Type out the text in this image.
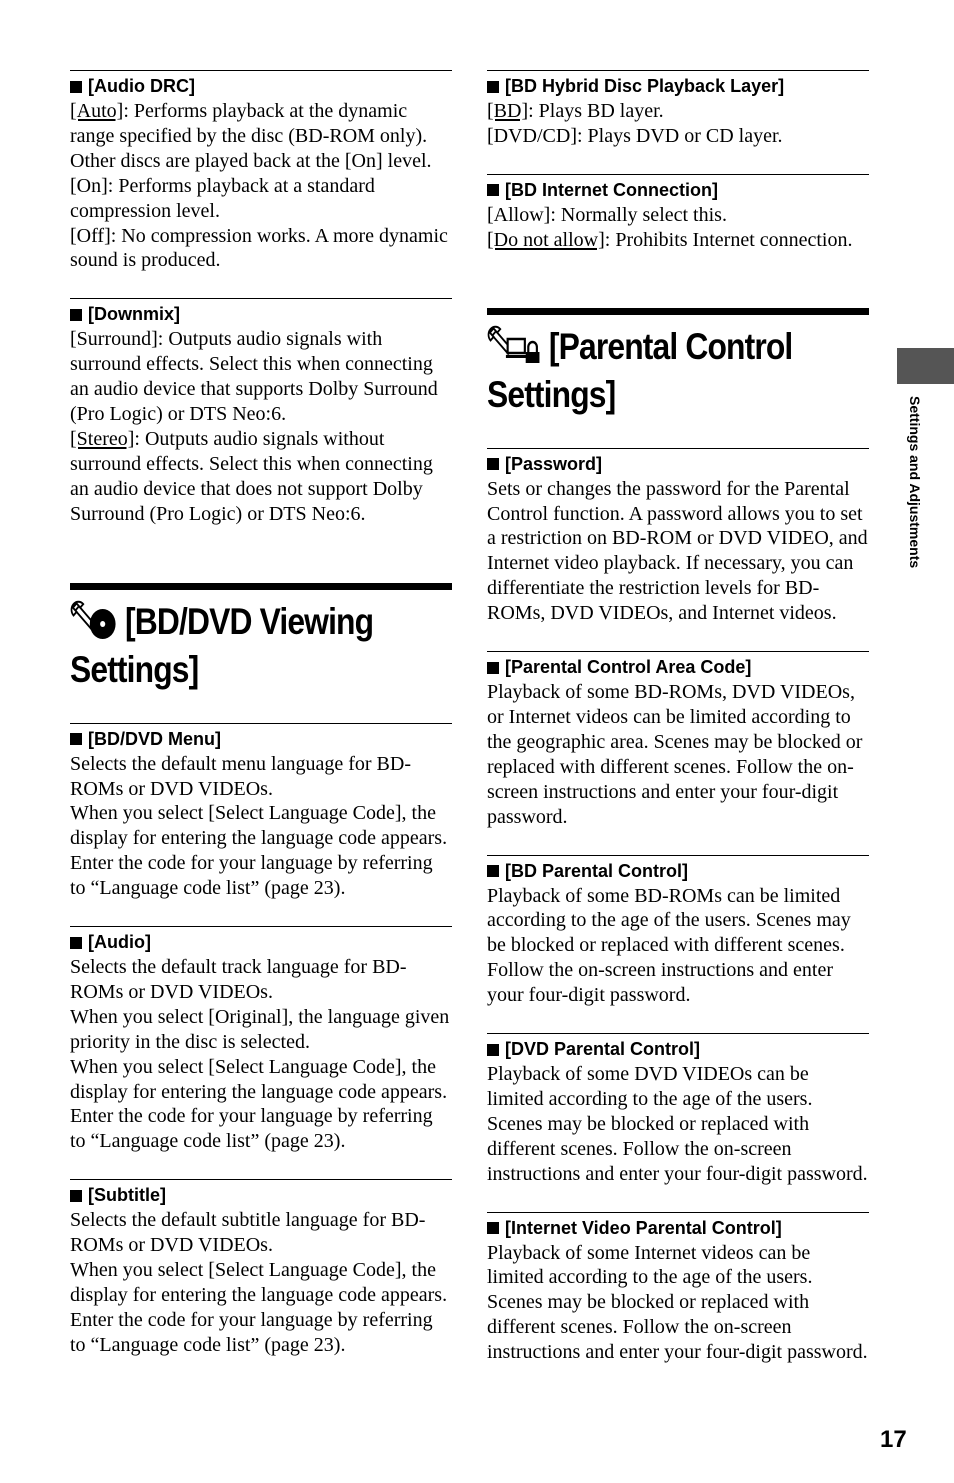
[Audio DRC]

[Auto]: Performs playback at the dynamic range specified by the disc (BD-ROM only). Other discs are played back at the [On] level.

[On]: Performs playback at a standard compression level.

[Off]: No compression works. A more dynamic sound is produced.

[Downmix]

[Surround]: Outputs audio signals with surround effects. Select this when connecting an audio device that supports Dolby Surround (Pro Logic) or DTS Neo:6.

[Stereo]: Outputs audio signals without surround effects. Select this when connecting an audio device that does not support Dolby Surround (Pro Logic) or DTS Neo:6.

[BD/DVD Viewing
Settings]
[BD/DVD Menu]

Selects the default menu language for BD-ROMs or DVD VIDEOs.

When you select [Select Language Code], the display for entering the language code appears. Enter the code for your language by referring to “Language code list” (page 23).

[Audio]

Selects the default track language for BD-ROMs or DVD VIDEOs.

When you select [Original], the language given priority in the disc is selected.

When you select [Select Language Code], the display for entering the language code appears. Enter the code for your language by referring to “Language code list” (page 23).

[Subtitle]

Selects the default subtitle language for BD-ROMs or DVD VIDEOs.

When you select [Select Language Code], the display for entering the language code appears. Enter the code for your language by referring to “Language code list” (page 23).

[BD Hybrid Disc Playback Layer]

[BD]: Plays BD layer.

[DVD/CD]: Plays DVD or CD layer.

[BD Internet Connection]

[Allow]: Normally select this.

[Do not allow]: Prohibits Internet connection.

[Parental Control
Settings]
[Password]

Sets or changes the password for the Parental Control function. A password allows you to set a restriction on BD-ROM or DVD VIDEO, and Internet video playback. If necessary, you can differentiate the restriction levels for BD-ROMs, DVD VIDEOs, and Internet videos.

[Parental Control Area Code]

Playback of some BD-ROMs, DVD VIDEOs, or Internet videos can be limited according to the geographic area. Scenes may be blocked or replaced with different scenes. Follow the on-screen instructions and enter your four-digit password.

[BD Parental Control]

Playback of some BD-ROMs can be limited according to the age of the users. Scenes may be blocked or replaced with different scenes. Follow the on-screen instructions and enter your four-digit password.

[DVD Parental Control]

Playback of some DVD VIDEOs can be limited according to the age of the users. Scenes may be blocked or replaced with different scenes. Follow the on-screen instructions and enter your four-digit password.

[Internet Video Parental Control]

Playback of some Internet videos can be limited according to the age of the users. Scenes may be blocked or replaced with different scenes. Follow the on-screen instructions and enter your four-digit password.

Settings and Adjustments
17
